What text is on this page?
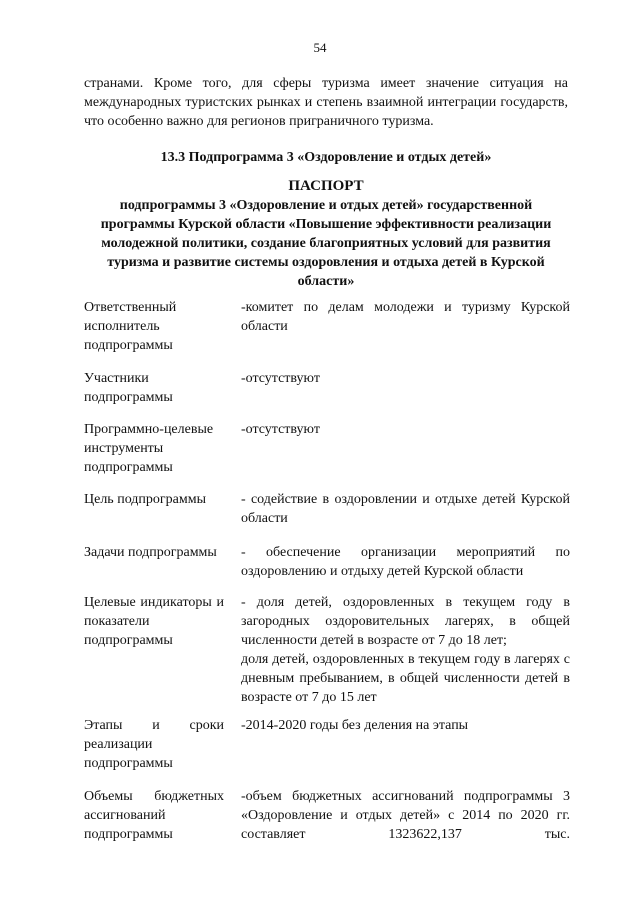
54
странами. Кроме того, для сферы туризма имеет значение ситуация на международных туристских рынках и степень взаимной интеграции государств, что особенно важно для регионов приграничного туризма.
13.3 Подпрограмма 3 «Оздоровление и отдых детей»
ПАСПОРТ
подпрограммы 3 «Оздоровление и отдых детей» государственной программы Курской области «Повышение эффективности реализации молодежной политики, создание благоприятных условий для развития туризма и развитие системы оздоровления и отдыха детей в Курской области»
Ответственный исполнитель подпрограммы
-комитет по делам молодежи и туризму Курской области
Участники подпрограммы
-отсутствуют
Программно-целевые инструменты подпрограммы
-отсутствуют
Цель подпрограммы	- содействие в оздоровлении и отдыхе детей Курской области
Задачи подпрограммы	- обеспечение организации мероприятий по оздоровлению и отдыху детей Курской области
Целевые индикаторы и показатели подпрограммы
- доля детей, оздоровленных в текущем году в загородных оздоровительных лагерях, в общей численности детей в возрасте от 7 до 18 лет;
доля детей, оздоровленных в текущем году в лагерях с дневным пребыванием, в общей численности детей в возрасте от 7 до 15 лет
Этапы и сроки реализации подпрограммы
-2014-2020 годы без деления на этапы
Объемы бюджетных ассигнований подпрограммы
-объем бюджетных ассигнований подпрограммы 3 «Оздоровление и отдых детей» с 2014 по 2020 гг. составляет 1323622,137 тыс.
